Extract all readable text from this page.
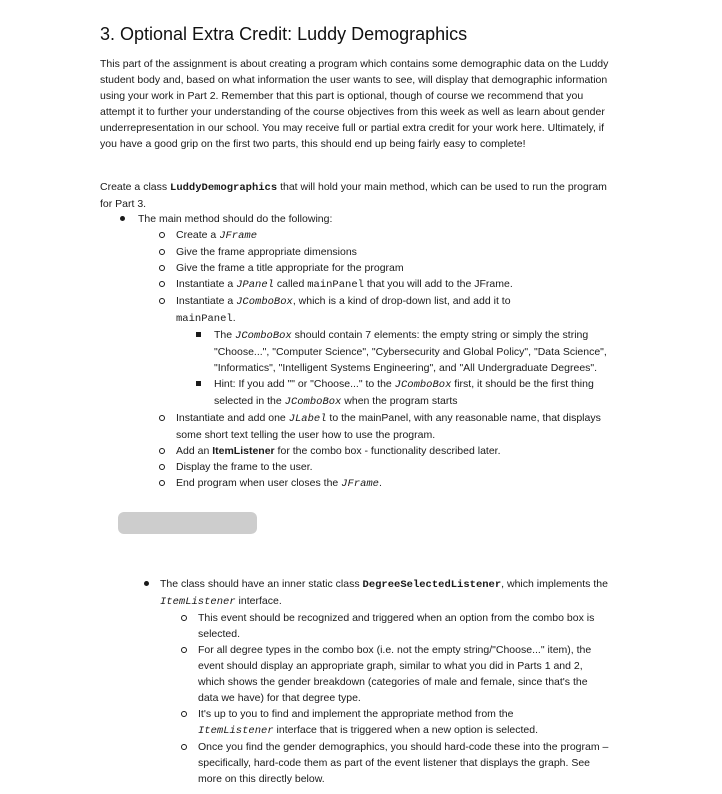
3. Optional Extra Credit: Luddy Demographics

This part of the assignment is about creating a program which contains some demographic data on the Luddy student body and, based on what information the user wants to see, will display that demographic information using your work in Part 2. Remember that this part is optional, though of course we recommend that you attempt it to further your understanding of the course objectives from this week as well as learn about gender underrepresentation in our school. You may receive full or partial extra credit for your work here. Ultimately, if you have a good grip on the first two parts, this should end up being fairly easy to complete!

Create a class LuddyDemographics that will hold your main method, which can be used to run the program for Part 3.

The main method should do the following:
Create a JFrame
Give the frame appropriate dimensions
Give the frame a title appropriate for the program
Instantiate a JPanel called mainPanel that you will add to the JFrame.
Instantiate a JComboBox, which is a kind of drop-down list, and add it to
mainPanel.
The JComboBox should contain 7 elements: the empty string or simply the string "Choose...", "Computer Science", "Cybersecurity and Global Policy", "Data Science", "Informatics", "Intelligent Systems Engineering", and "All Undergraduate Degrees".
Hint: If you add "" or "Choose..." to the JComboBox first, it should be the first thing selected in the JComboBox when the program starts
Instantiate and add one JLabel to the mainPanel, with any reasonable name, that displays some short text telling the user how to use the program.
Add an ItemListener for the combo box - functionality described later.
Display the frame to the user.
End program when user closes the JFrame.
The class should have an inner static class DegreeSelectedListener, which implements the ItemListener interface.
This event should be recognized and triggered when an option from the combo box is selected.
For all degree types in the combo box (i.e. not the empty string/"Choose..." item), the event should display an appropriate graph, similar to what you did in Parts 1 and 2, which shows the gender breakdown (categories of male and female, since that's the data we have) for that degree type.
It's up to you to find and implement the appropriate method from the
ItemListener interface that is triggered when a new option is selected.
Once you find the gender demographics, you should hard-code these into the program – specifically, hard-code them as part of the event listener that displays the graph. See more on this directly below.
